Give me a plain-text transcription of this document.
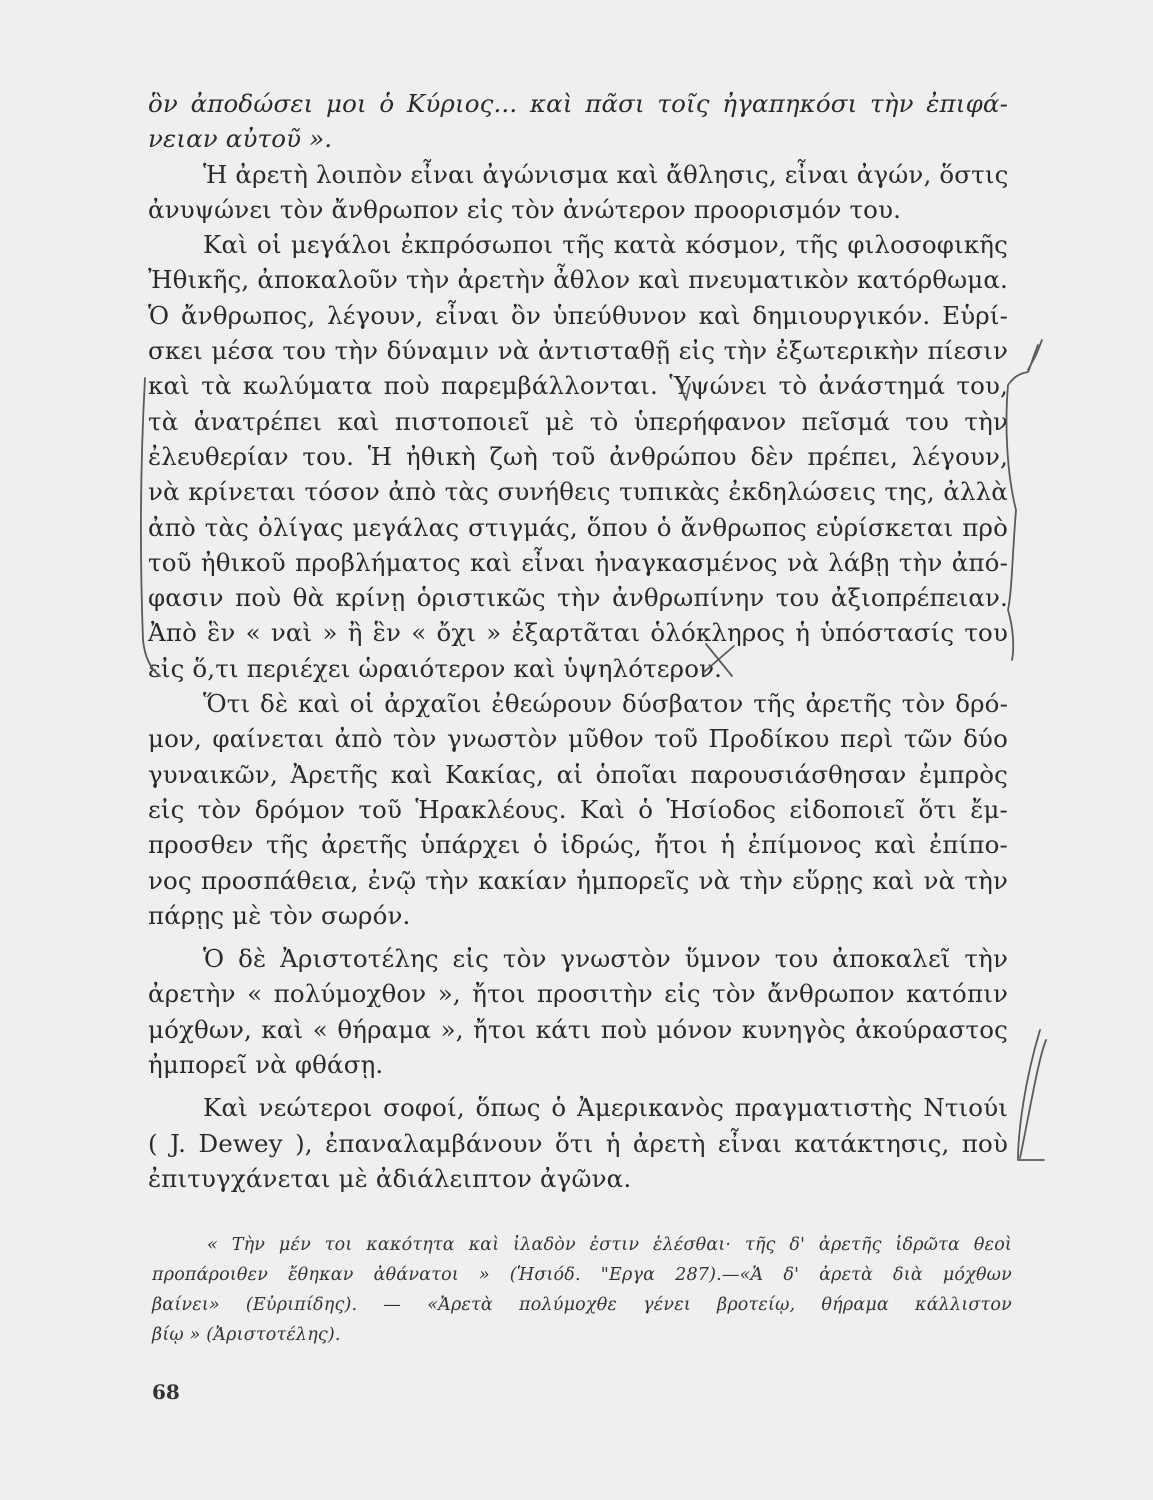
ὃν ἀποδώσει μοι ὁ Κύριος... καὶ πᾶσι τοῖς ἠγαπηκόσι τὴν ἐπιφά-
νειαν αὐτοῦ ».
Ἡ ἀρετὴ λοιπὸν εἶναι ἀγώνισμα καὶ ἄθλησις, εἶναι ἀγών, ὅστις
ἀνυψώνει τὸν ἄνθρωπον εἰς τὸν ἀνώτερον προορισμόν του.
Καὶ οἱ μεγάλοι ἐκπρόσωποι τῆς κατὰ κόσμον, τῆς φιλοσοφικῆς
Ἠθικῆς, ἀποκαλοῦν τὴν ἀρετὴν ἆθλον καὶ πνευματικὸν κατόρθωμα.
Ὁ ἄνθρωπος, λέγουν, εἶναι ὂν ὑπεύθυνον καὶ δημιουργικόν. Εὑρί-
σκει μέσα του τὴν δύναμιν νὰ ἀντισταθῇ εἰς τὴν ἐξωτερικὴν πίεσιν
καὶ τὰ κωλύματα ποὺ παρεμβάλλονται. Ὑψώνει τὸ ἀνάστημά του,
τὰ ἀνατρέπει καὶ πιστοποιεῖ μὲ τὸ ὑπερήφανον πεῖσμά του τὴν
ἐλευθερίαν του. Ἡ ἠθικὴ ζωὴ τοῦ ἀνθρώπου δὲν πρέπει, λέγουν,
νὰ κρίνεται τόσον ἀπὸ τὰς συνήθεις τυπικὰς ἐκδηλώσεις της, ἀλλὰ
ἀπὸ τὰς ὀλίγας μεγάλας στιγμάς, ὅπου ὁ ἄνθρωπος εὑρίσκεται πρὸ
τοῦ ἠθικοῦ προβλήματος καὶ εἶναι ἠναγκασμένος νὰ λάβῃ τὴν ἀπό-
φασιν ποὺ θὰ κρίνῃ ὁριστικῶς τὴν ἀνθρωπίνην του ἀξιοπρέπειαν.
Ἀπὸ ἓν « ναὶ » ἢ ἓν « ὄχι » ἐξαρτᾶται ὁλόκληρος ἡ ὑπόστασίς του
εἰς ὅ,τι περιέχει ὡραιότερον καὶ ὑψηλότερον.
Ὅτι δὲ καὶ οἱ ἀρχαῖοι ἐθεώρουν δύσβατον τῆς ἀρετῆς τὸν δρό-
μον, φαίνεται ἀπὸ τὸν γνωστὸν μῦθον τοῦ Προδίκου περὶ τῶν δύο
γυναικῶν, Ἀρετῆς καὶ Κακίας, αἱ ὁποῖαι παρουσιάσθησαν ἐμπρὸς
εἰς τὸν δρόμον τοῦ Ἡρακλέους. Καὶ ὁ Ἡσίοδος εἰδοποιεῖ ὅτι ἔμ-
προσθεν τῆς ἀρετῆς ὑπάρχει ὁ ἱδρώς, ἤτοι ἡ ἐπίμονος καὶ ἐπίπο-
νος προσπάθεια, ἐνῷ τὴν κακίαν ἠμπορεῖς νὰ τὴν εὕρῃς καὶ νὰ τὴν
πάρῃς μὲ τὸν σωρόν.
Ὁ δὲ Ἀριστοτέλης εἰς τὸν γνωστὸν ὕμνον του ἀποκαλεῖ τὴν
ἀρετὴν « πολύμοχθον », ἤτοι προσιτὴν εἰς τὸν ἄνθρωπον κατόπιν
μόχθων, καὶ « θήραμα », ἤτοι κάτι ποὺ μόνον κυνηγὸς ἀκούραστος
ἠμπορεῖ νὰ φθάσῃ.
Καὶ νεώτεροι σοφοί, ὅπως ὁ Ἀμερικανὸς πραγματιστὴς Ντιούι
( J. Dewey ), ἐπαναλαμβάνουν ὅτι ἡ ἀρετὴ εἶναι κατάκτησις, ποὺ
ἐπιτυγχάνεται μὲ ἀδιάλειπτον ἀγῶνα.
« Τὴν μέν τοι κακότητα καὶ ἰλαδὸν ἐστιν ἑλέσθαι· τῆς δ' ἀρετῆς ἱδρῶτα θεοὶ
προπάροιθεν ἔθηκαν ἀθάνατοι » (Ἡσιόδ. "Εργα 287).—«Ἁ δ' ἀρετὰ διὰ μόχθων
βαίνει» (Εὐριπίδης). — «Ἀρετὰ πολύμοχθε γένει βροτείῳ, θήραμα κάλλιστον
βίῳ » (Ἀριστοτέλης).
68
